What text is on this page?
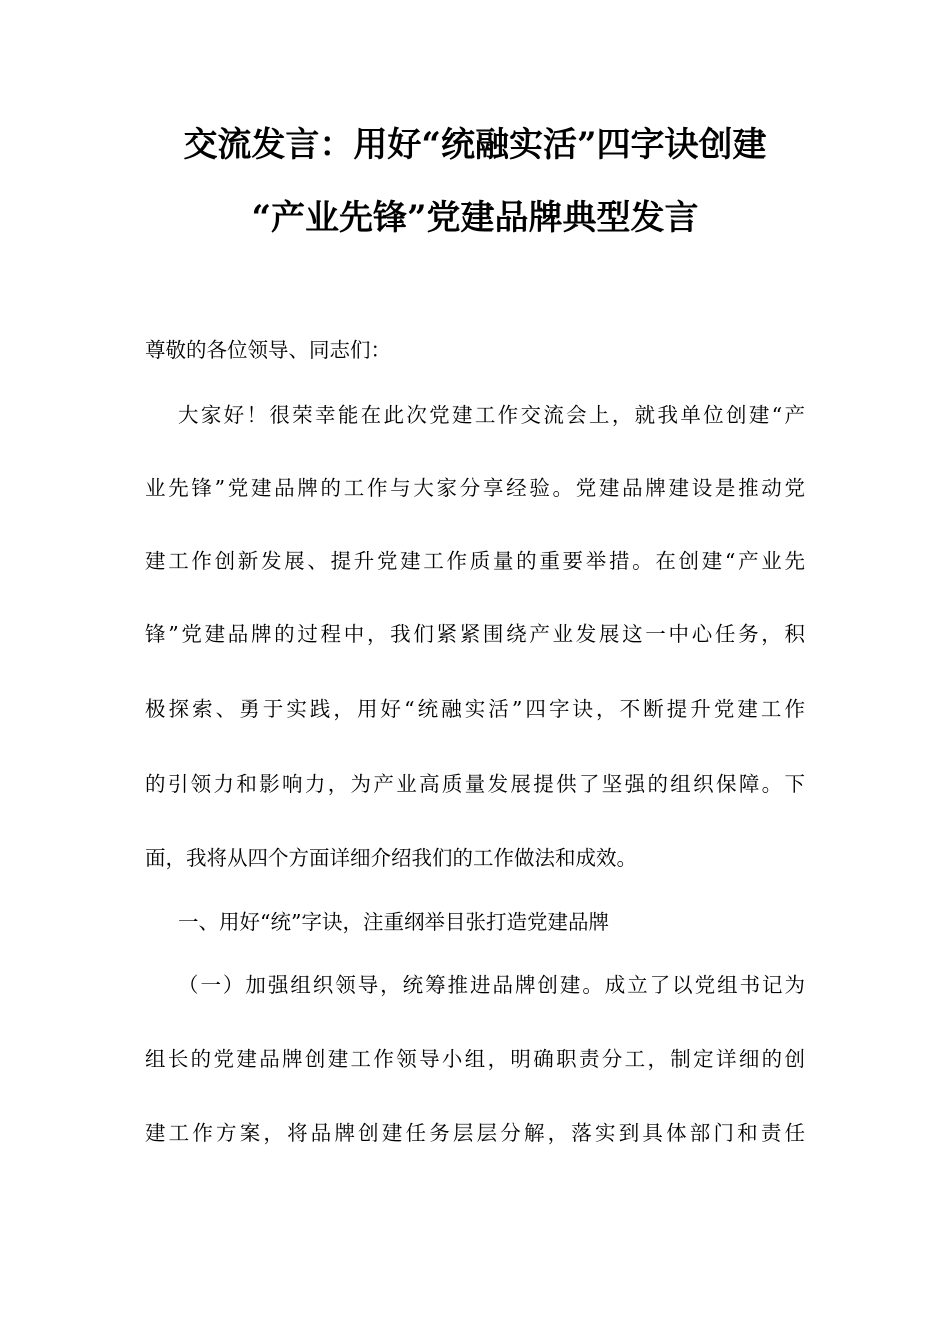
交流发言：用好“统融实活”四字诀创建
“产业先锋”党建品牌典型发言
尊敬的各位领导、同志们：
大家好！很荣幸能在此次党建工作交流会上，就我单位创建“产
业先锋”党建品牌的工作与大家分享经验。党建品牌建设是推动党
建工作创新发展、提升党建工作质量的重要举措。在创建“产业先
锋”党建品牌的过程中，我们紧紧围绕产业发展这一中心任务，积
极探索、勇于实践，用好“统融实活”四字诀，不断提升党建工作
的引领力和影响力，为产业高质量发展提供了坚强的组织保障。下
面，我将从四个方面详细介绍我们的工作做法和成效。
一、用好“统”字诀，注重纲举目张打造党建品牌
（一）加强组织领导，统筹推进品牌创建。成立了以党组书记为
组长的党建品牌创建工作领导小组，明确职责分工，制定详细的创
建工作方案，将品牌创建任务层层分解，落实到具体部门和责任
